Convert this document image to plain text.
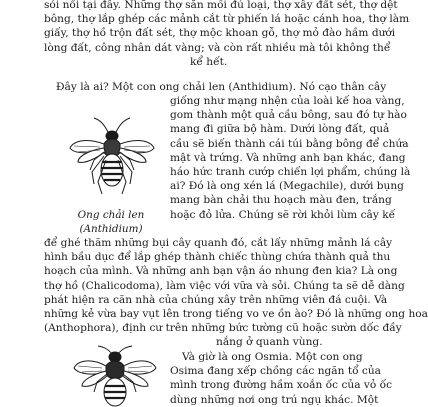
sỏi nối tại đây. Những thợ săn mồi đủ loại, thợ xây đất sét, thợ dệt
bông, thợ lắp ghép các mảnh cắt từ phiến lá hoặc cánh hoa, thợ làm
giấy, thợ hồ trộn đất sét, thợ mộc khoan gỗ, thợ mỏ đào hầm dưới
lòng đất, công nhân dát vàng; và còn rất nhiều mà tôi không thể
kể hết.
Đây là ai? Một con ong chải len (Anthidium). Nó cạo thân cây
giống như mạng nhện của loài kế hoa vàng,
gom thành một quả cầu bông, sau đó tự hào
mang đi giữa bộ hàm. Dưới lòng đất, quả
cầu sẽ biến thành cái túi bằng bông để chứa
mật và trứng. Và những anh bạn khác, đang
háo hức tranh cướp chiến lợi phẩm, chúng là
ai? Đó là ong xén lá (Megachile), dưới bụng
mang bàn chải thu hoạch màu đen, trắng
hoặc đỏ lửa. Chúng sẽ rời khỏi lùm cây kế
để ghé thăm những bụi cây quanh đó, cắt lấy những mảnh lá cây
hình bầu dục để lắp ghép thành chiếc thùng chứa thành quả thu
hoạch của mình. Và những anh bạn vận áo nhung đen kia? Là ong
thợ hồ (Chalicodoma), làm việc với vữa và sỏi. Chúng ta sẽ dễ dàng
phát hiện ra căn nhà của chúng xây trên những viên đá cuội. Và
những kẻ vừa bay vụt lên trong tiếng vo ve ồn ào? Đó là những ong hoa
(Anthophora), định cư trên những bức tường cũ hoặc sườn dốc đầy
nắng ở quanh vùng.
Và giờ là ong Osmia. Một con ong
Osima đang xếp chồng các ngăn tổ của
mình trong đường hầm xoắn ốc của vỏ ốc
dùng những nơi ong trú ngụ khác. Một
Ong chải len
(Anthidium)
